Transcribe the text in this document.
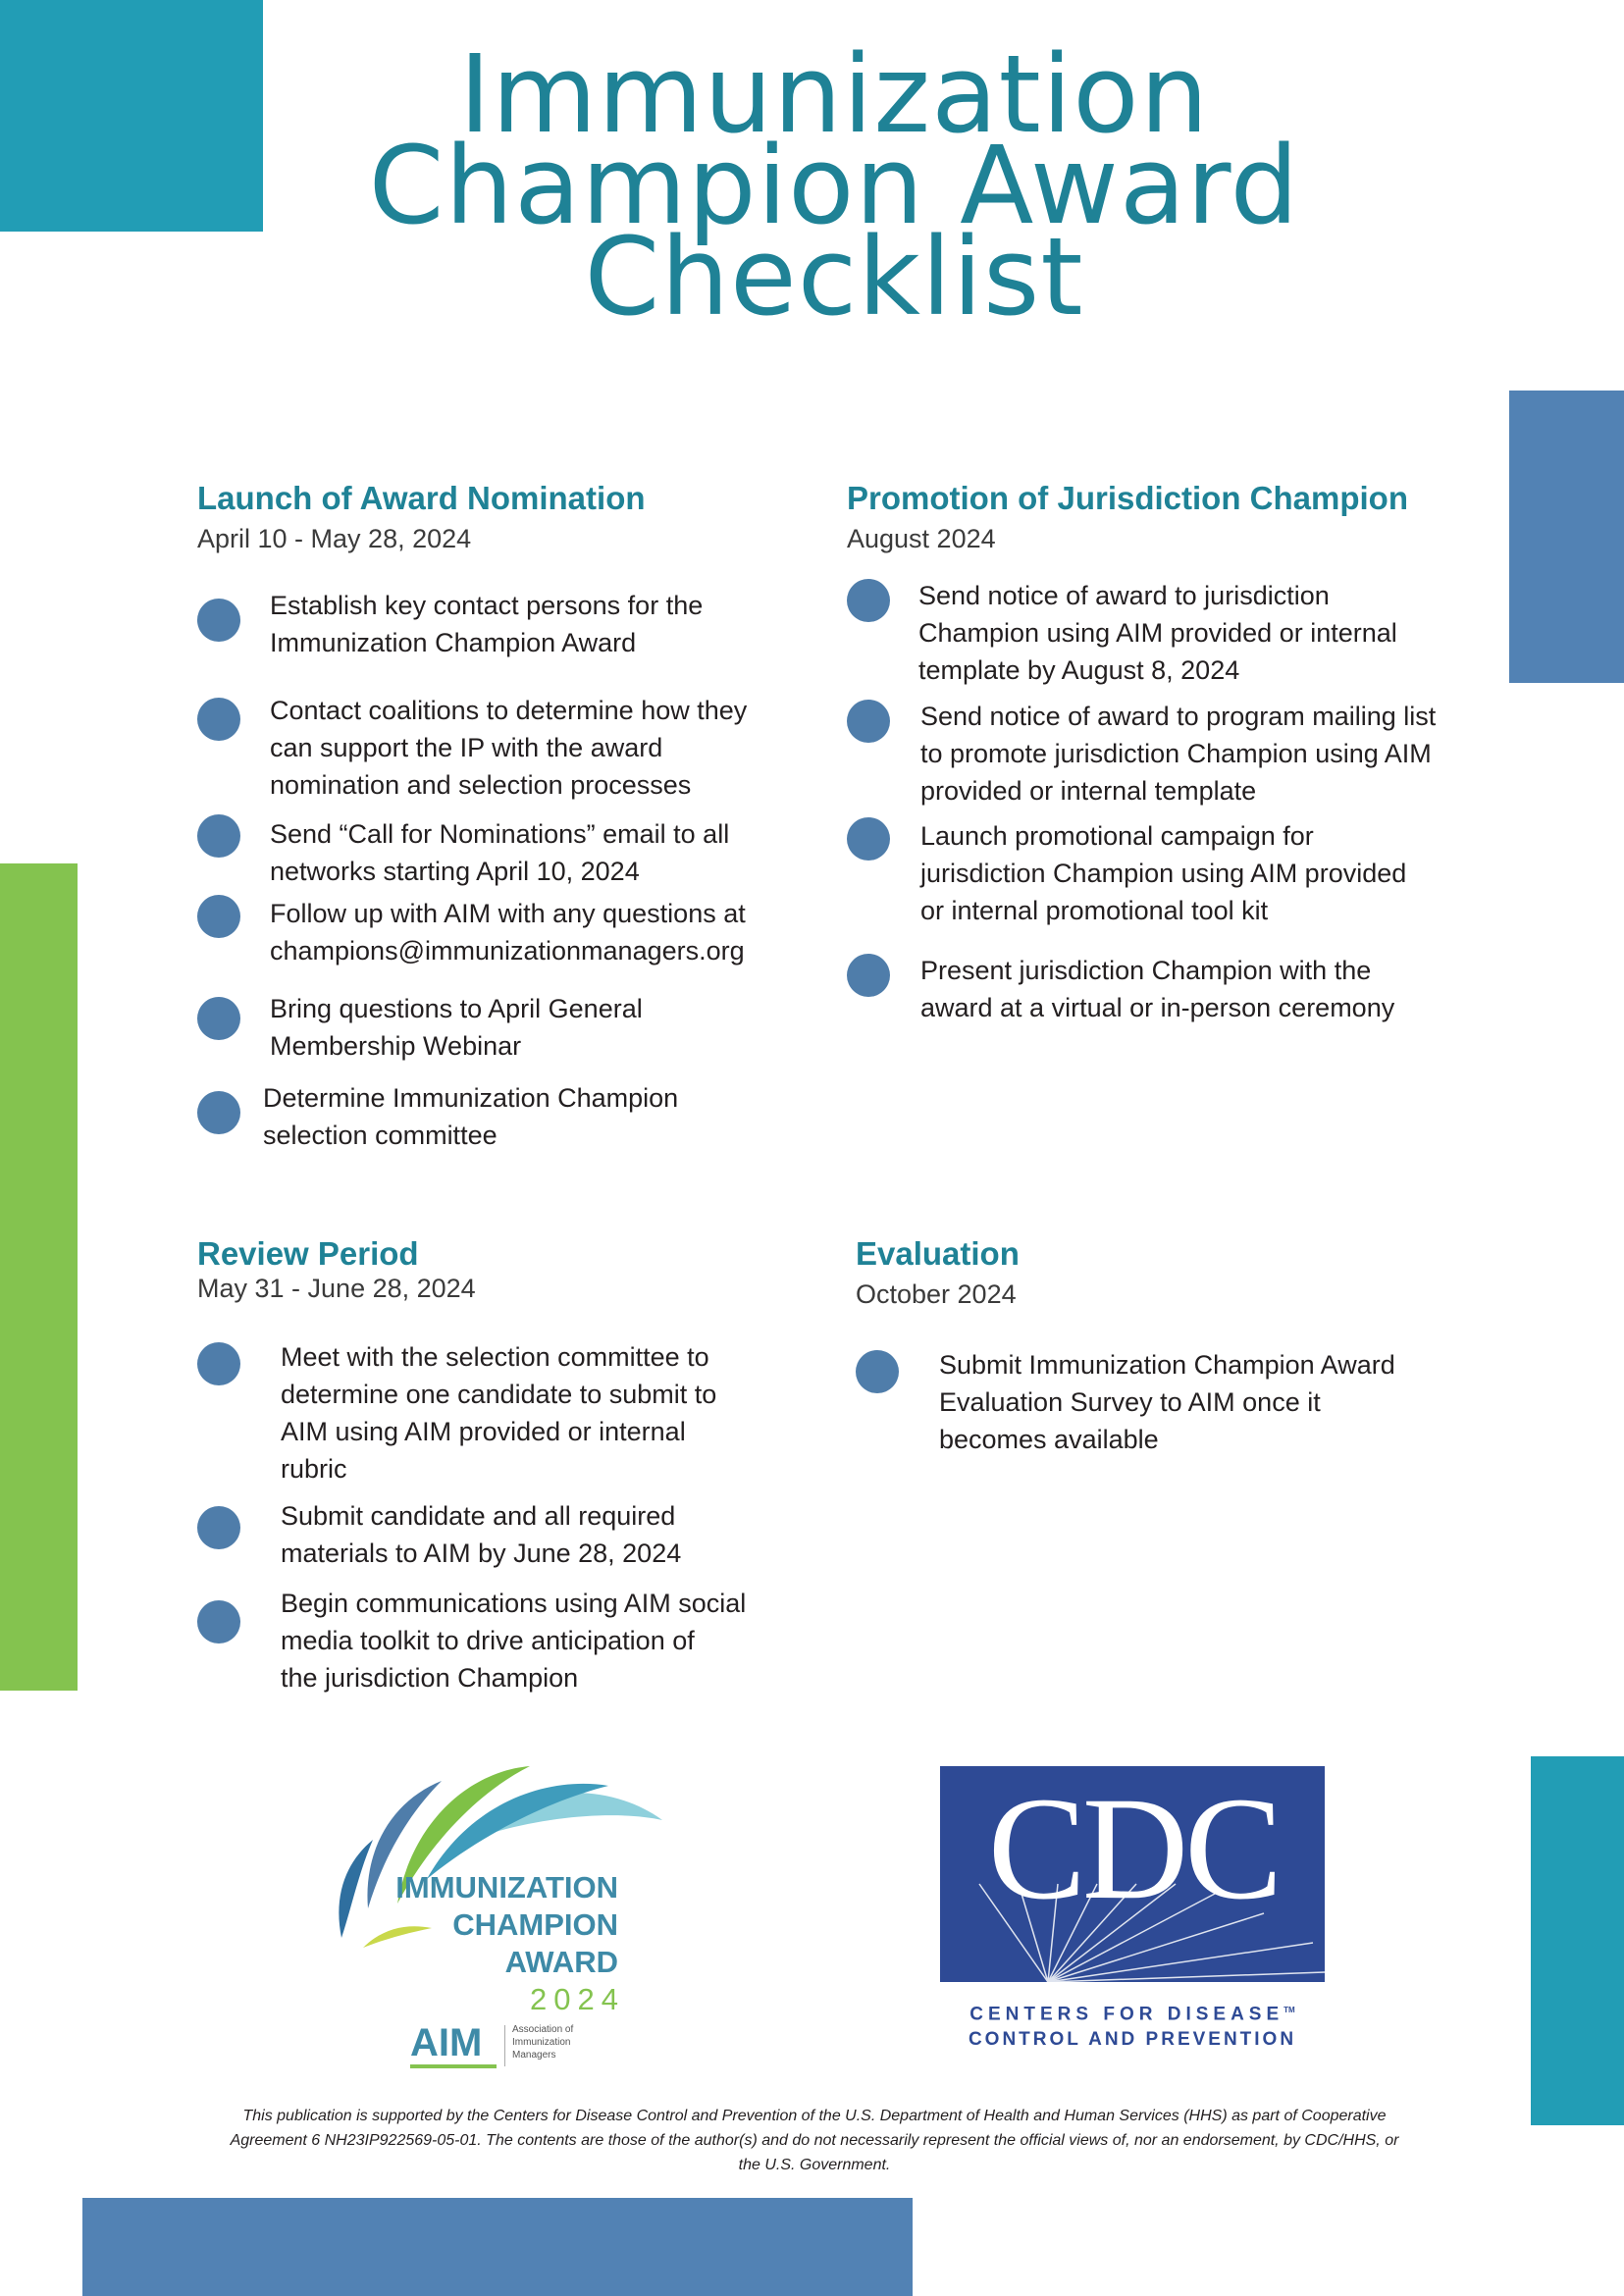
Immunization
Champion Award
Checklist
Launch of Award Nomination

April 10 - May 28, 2024

Establish key contact persons for the
Immunization Champion Award
Contact coalitions to determine how they
can support the IP with the award
nomination and selection processes
Send “Call for Nominations” email to all
networks starting April 10, 2024
Follow up with AIM with any questions at
champions@immunizationmanagers.org
Bring questions to April General
Membership Webinar
Determine Immunization Champion
selection committee
Promotion of Jurisdiction Champion

August 2024

Send notice of award to jurisdiction
Champion using AIM provided or internal
template by August 8, 2024
Send notice of award to program mailing list
to promote jurisdiction Champion using AIM
provided or internal template
Launch promotional campaign for
jurisdiction Champion using AIM provided
or internal promotional tool kit
Present jurisdiction Champion with the
award at a virtual or in-person ceremony
Review Period

May 31 - June 28, 2024

Meet with the selection committee to
determine one candidate to submit to
AIM using AIM provided or internal
rubric
Submit candidate and all required
materials to AIM by June 28, 2024
Begin communications using AIM social
media toolkit to drive anticipation of
the jurisdiction Champion
Evaluation

October 2024

Submit Immunization Champion Award
Evaluation Survey to AIM once it
becomes available
IMMUNIZATION
CHAMPION
AWARD
2024
AIM	Association of
Immunization
Managers
CDC
CENTERS FOR DISEASE™
CONTROL AND PREVENTION
This publication is supported by the Centers for Disease Control and Prevention of the U.S. Department of Health and Human Services (HHS) as part of Cooperative
Agreement 6 NH23IP922569-05-01. The contents are those of the author(s) and do not necessarily represent the official views of, nor an endorsement, by CDC/HHS, or
the U.S. Government.
